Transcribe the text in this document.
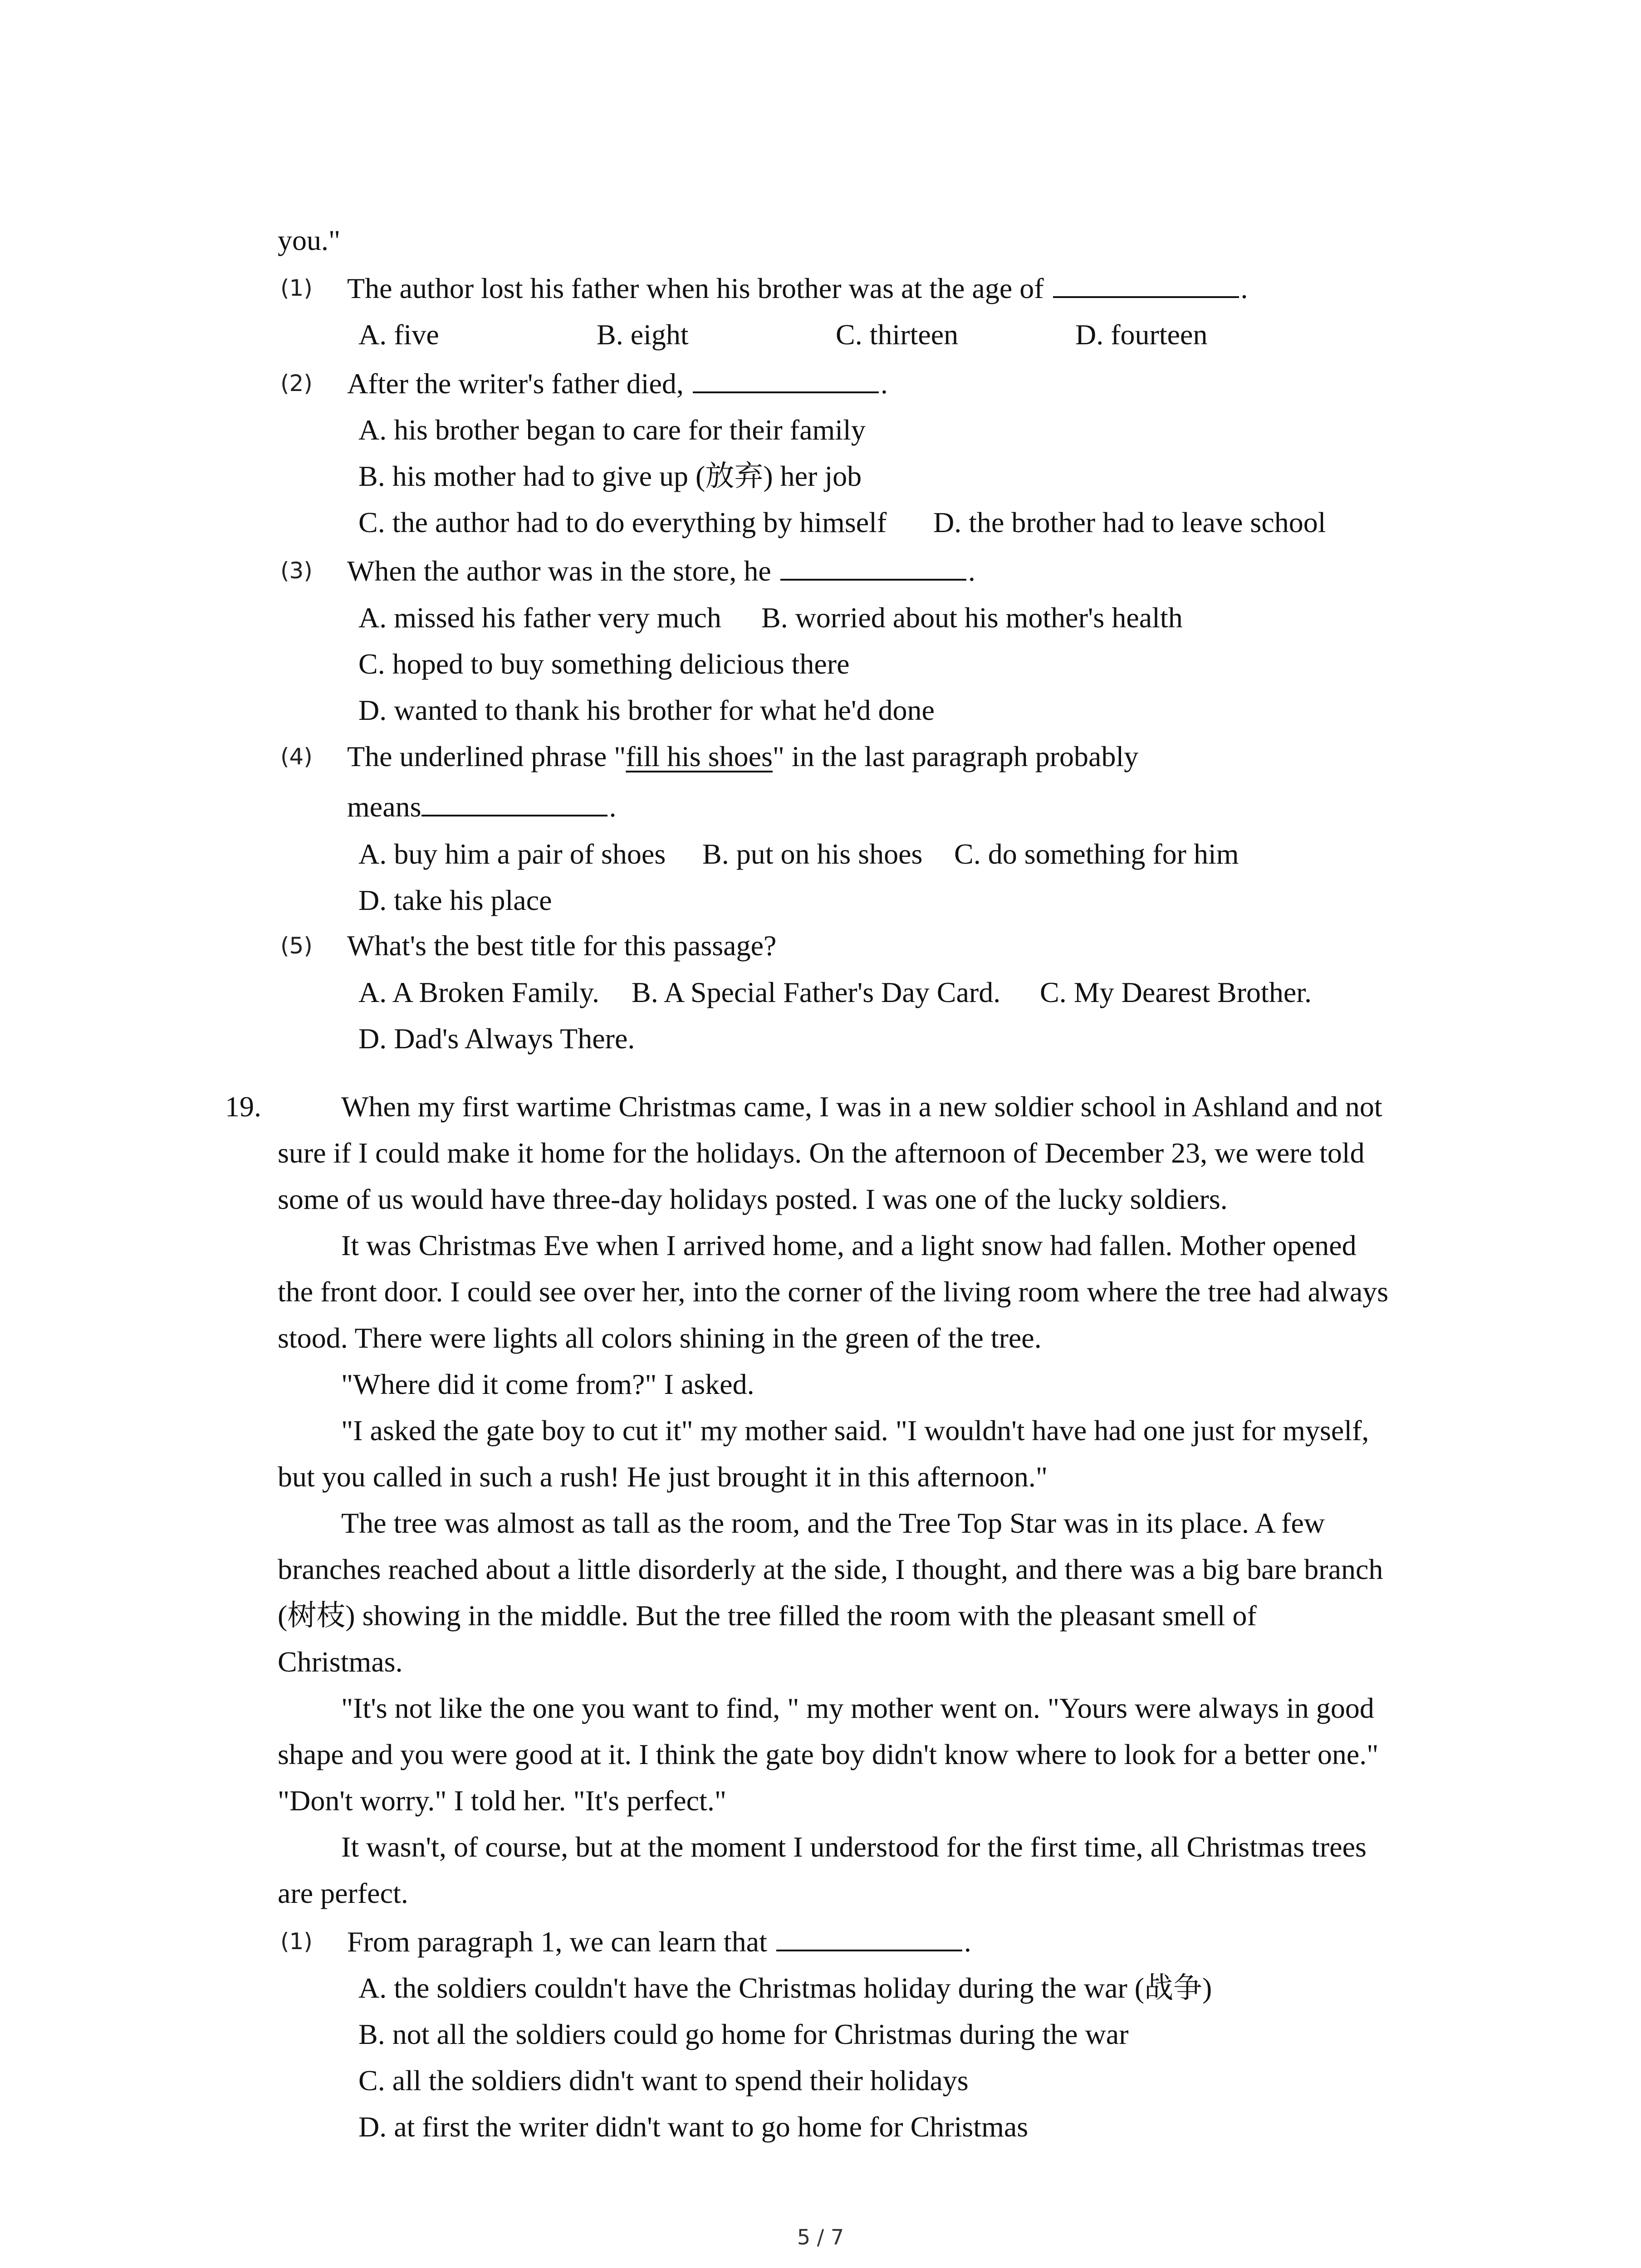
you."
(1) The author lost his father when his brother was at the age of	.
A. five	B. eight	C. thirteen	D. fourteen
(2) After the writer's father died,	.
A. his brother began to care for their family
B. his mother had to give up (放弃) her job
C. the author had to do everything by himself D. the brother had to leave school
(3) When the author was in the store, he	.
A. missed his father very much B. worried about his mother's health
C. hoped to buy something delicious there
D. wanted to thank his brother for what he'd done
(4) The underlined phrase "fill his shoes" in the last paragraph probably
means	.
A. buy him a pair of shoes B. put on his shoes C. do something for him
D. take his place
(5) What's the best title for this passage?
A. A Broken Family. B. A Special Father's Day Card. C. My Dearest Brother.
D. Dad's Always There.
19.	When my first wartime Christmas came, I was in a new soldier school in Ashland and not
sure if I could make it home for the holidays. On the afternoon of December 23, we were told
some of us would have three-day holidays posted. I was one of the lucky soldiers.
It was Christmas Eve when I arrived home, and a light snow had fallen. Mother opened
the front door. I could see over her, into the corner of the living room where the tree had always
stood. There were lights all colors shining in the green of the tree.
"Where did it come from?" I asked.
"I asked the gate boy to cut it" my mother said. "I wouldn't have had one just for myself,
but you called in such a rush! He just brought it in this afternoon."
The tree was almost as tall as the room, and the Tree Top Star was in its place. A few
branches reached about a little disorderly at the side, I thought, and there was a big bare branch
(树枝) showing in the middle. But the tree filled the room with the pleasant smell of
Christmas.
"It's not like the one you want to find, " my mother went on. "Yours were always in good
shape and you were good at it. I think the gate boy didn't know where to look for a better one."
"Don't worry." I told her. "It's perfect."
It wasn't, of course, but at the moment I understood for the first time, all Christmas trees
are perfect.
(1) From paragraph 1, we can learn that	.
A. the soldiers couldn't have the Christmas holiday during the war (战争)
B. not all the soldiers could go home for Christmas during the war
C. all the soldiers didn't want to spend their holidays
D. at first the writer didn't want to go home for Christmas
5 / 7
